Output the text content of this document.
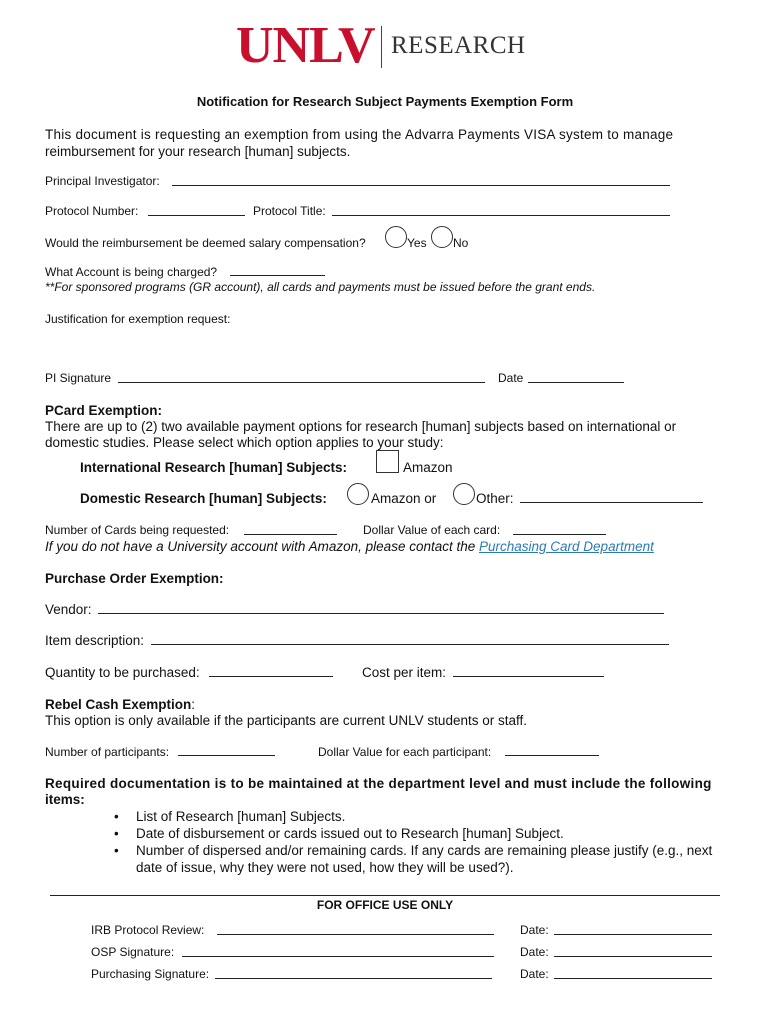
UNLV RESEARCH
Notification for Research Subject Payments Exemption Form
This document is requesting an exemption from using the Advarra Payments VISA system to manage
reimbursement for your research [human] subjects.
Principal Investigator:
Protocol Number:	Protocol Title:
Would the reimbursement be deemed salary compensation?	Yes No
What Account is being charged?
**For sponsored programs (GR account), all cards and payments must be issued before the grant ends.
Justification for exemption request:
PI Signature	Date
PCard Exemption:
There are up to (2) two available payment options for research [human] subjects based on international or
domestic studies. Please select which option applies to your study:
International Research [human] Subjects:	Amazon
Domestic Research [human] Subjects:	Amazon or	Other:
Number of Cards being requested:	Dollar Value of each card:
If you do not have a University account with Amazon, please contact the Purchasing Card Department
Purchase Order Exemption:
Vendor:
Item description:
Quantity to be purchased:	Cost per item:
Rebel Cash Exemption:
This option is only available if the participants are current UNLV students or staff.
Number of participants:	Dollar Value for each participant:
Required documentation is to be maintained at the department level and must include the following
items:
• List of Research [human] Subjects.
• Date of disbursement or cards issued out to Research [human] Subject.
• Number of dispersed and/or remaining cards. If any cards are remaining please justify (e.g., next date of issue, why they were not used, how they will be used?).
FOR OFFICE USE ONLY
IRB Protocol Review:	Date:
OSP Signature:	Date:
Purchasing Signature:	Date:
